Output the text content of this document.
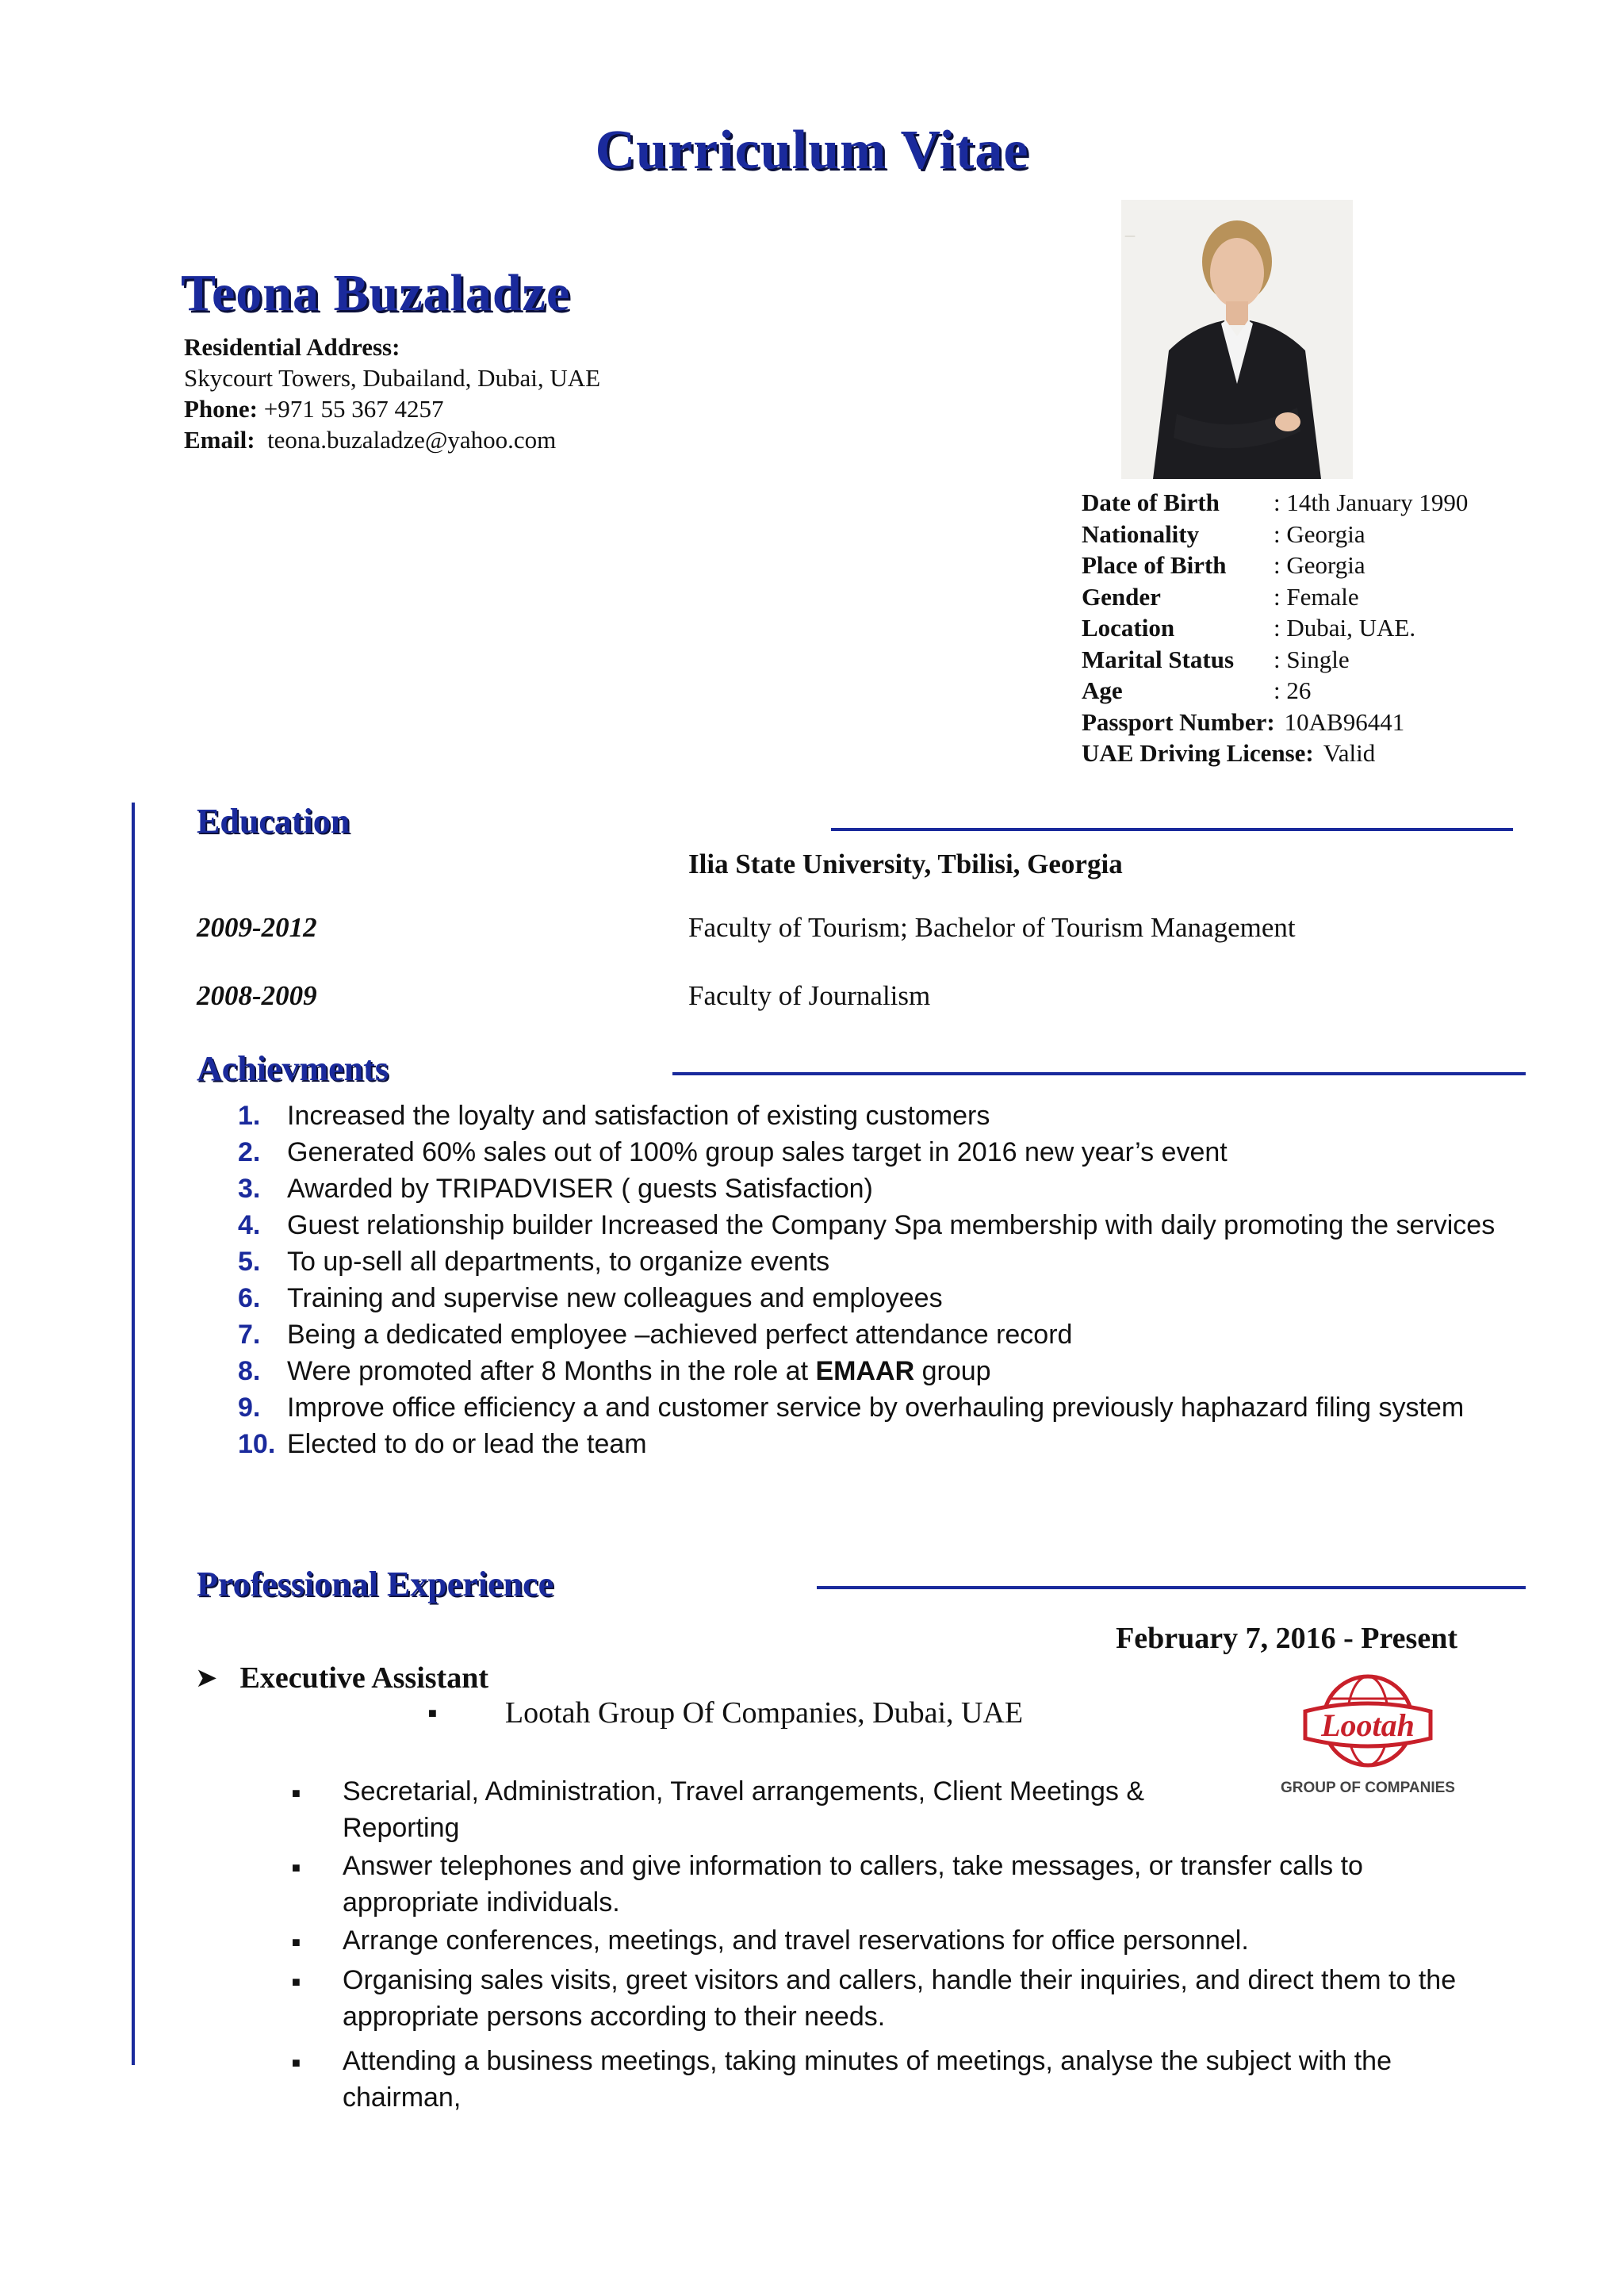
Curriculum Vitae
Teona Buzaladze
Residential Address:
Skycourt Towers, Dubailand, Dubai, UAE
Phone: +971 55 367 4257
Email: teona.buzaladze@yahoo.com
—
Date of Birth	: 14th January 1990
Nationality	: Georgia
Place of Birth	: Georgia
Gender	: Female
Location	: Dubai, UAE.
Marital Status	: Single
Age	: 26
Passport Number: 10AB96441
UAE Driving License: Valid
Education
Ilia State University, Tbilisi, Georgia
2009-2012	Faculty of Tourism; Bachelor of Tourism Management
2008-2009	Faculty of Journalism
Achievments
1. Increased the loyalty and satisfaction of existing customers
2. Generated 60% sales out of 100% group sales target in 2016 new year’s event
3. Awarded by TRIPADVISER ( guests Satisfaction)
4. Guest relationship builder Increased the Company Spa membership with daily promoting the services
5. To up-sell all departments, to organize events
6. Training and supervise new colleagues and employees
7. Being a dedicated employee –achieved perfect attendance record
8. Were promoted after 8 Months in the role at EMAAR group
9. Improve office efficiency a and customer service by overhauling previously haphazard filing system
10. Elected to do or lead the team
Professional Experience
February 7, 2016 - Present
➤ Executive Assistant
■ Lootah Group Of Companies, Dubai, UAE	Lootah
GROUP OF COMPANIES
■	Secretarial, Administration, Travel arrangements, Client Meetings & Reporting
■	Answer telephones and give information to callers, take messages, or transfer calls to appropriate individuals.
■	Arrange conferences, meetings, and travel reservations for office personnel.
■	Organising sales visits, greet visitors and callers, handle their inquiries, and direct them to the appropriate persons according to their needs.
■	Attending a business meetings, taking minutes of meetings, analyse the subject with the chairman,
